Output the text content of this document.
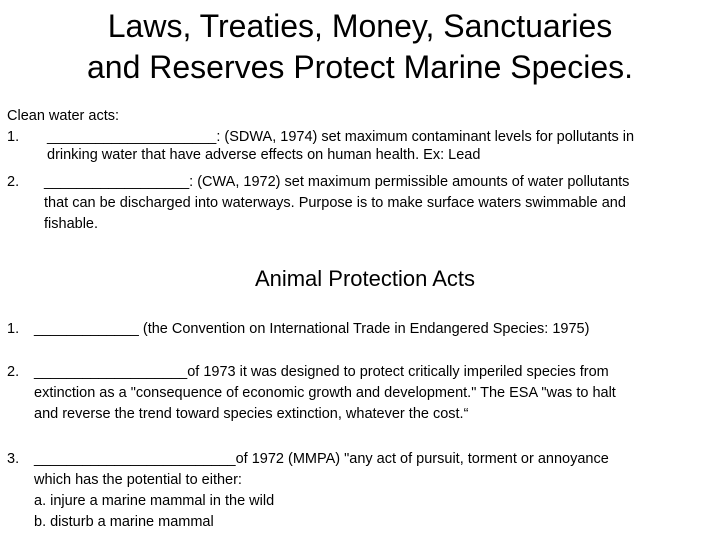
Laws, Treaties, Money, Sanctuaries
and Reserves Protect Marine Species.
Clean water acts:
1. _____________________: (SDWA, 1974) set maximum contaminant levels for pollutants in
drinking water that have adverse effects on human health. Ex: Lead
2. __________________: (CWA, 1972) set maximum permissible amounts of water pollutants
that can be discharged into waterways. Purpose is to make surface waters swimmable and
fishable.
Animal Protection Acts
1. _____________ (the Convention on International Trade in Endangered Species: 1975)
2. ___________________of 1973 it was designed to protect critically imperiled species from
extinction as a "consequence of economic growth and development." The ESA "was to halt
and reverse the trend toward species extinction, whatever the cost.“
3. _________________________of 1972 (MMPA) "any act of pursuit, torment or annoyance
which has the potential to either:
a. injure a marine mammal in the wild
b. disturb a marine mammal
